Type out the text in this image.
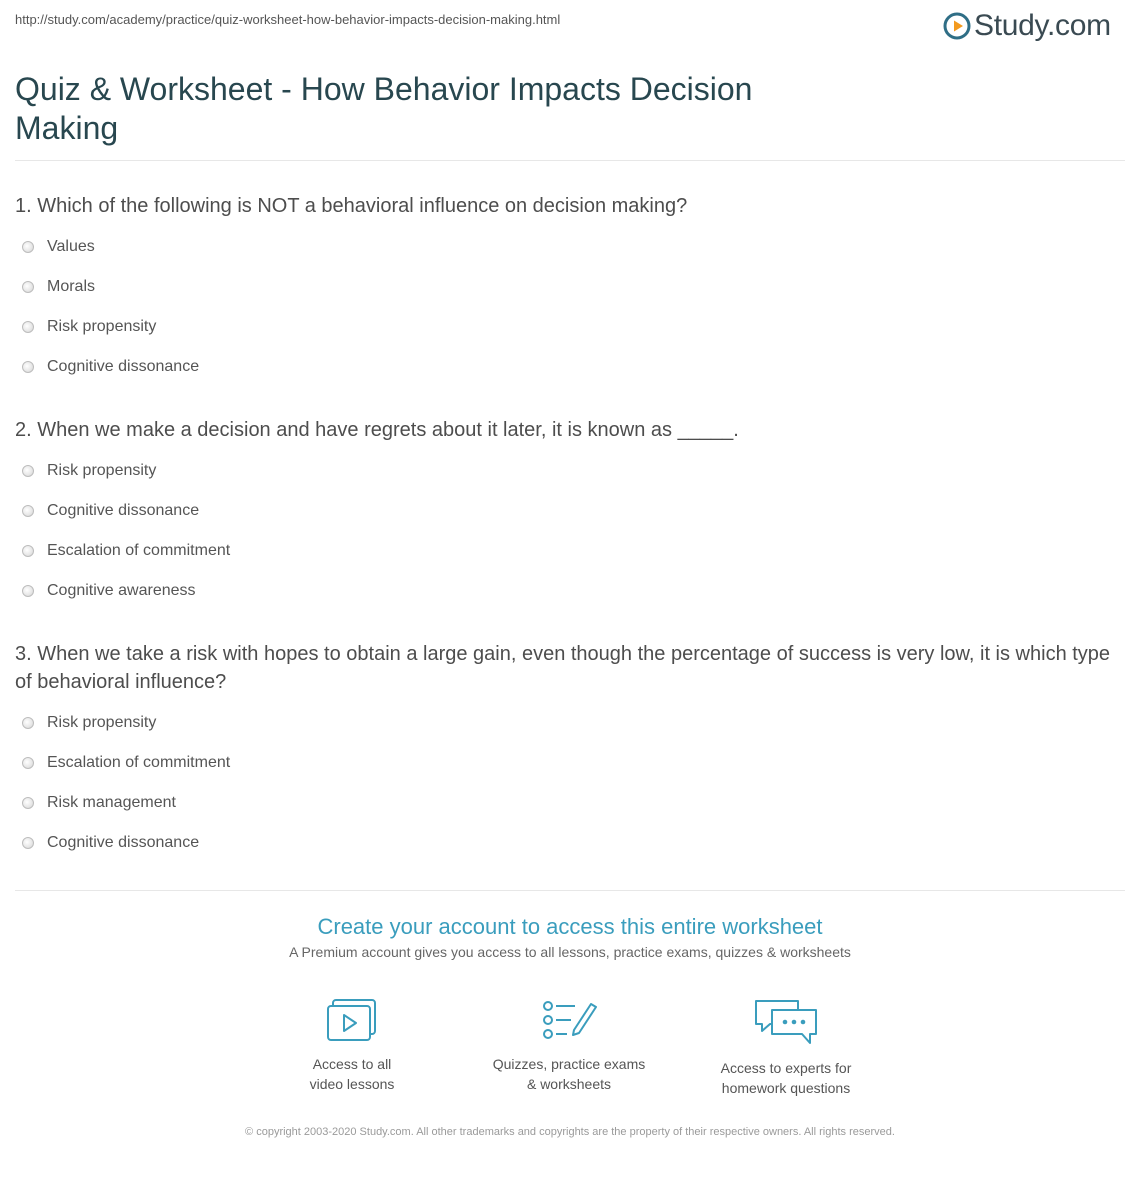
http://study.com/academy/practice/quiz-worksheet-how-behavior-impacts-decision-making.html	Study.com
Quiz & Worksheet - How Behavior Impacts Decision Making
1. Which of the following is NOT a behavioral influence on decision making?
Values
Morals
Risk propensity
Cognitive dissonance
2. When we make a decision and have regrets about it later, it is known as _____.
Risk propensity
Cognitive dissonance
Escalation of commitment
Cognitive awareness
3. When we take a risk with hopes to obtain a large gain, even though the percentage of success is very low, it is which type of behavioral influence?
Risk propensity
Escalation of commitment
Risk management
Cognitive dissonance
Create your account to access this entire worksheet
A Premium account gives you access to all lessons, practice exams, quizzes & worksheets
Access to all
video lessons
Quizzes, practice exams
& worksheets
Access to experts for
homework questions
© copyright 2003-2020 Study.com. All other trademarks and copyrights are the property of their respective owners. All rights reserved.
